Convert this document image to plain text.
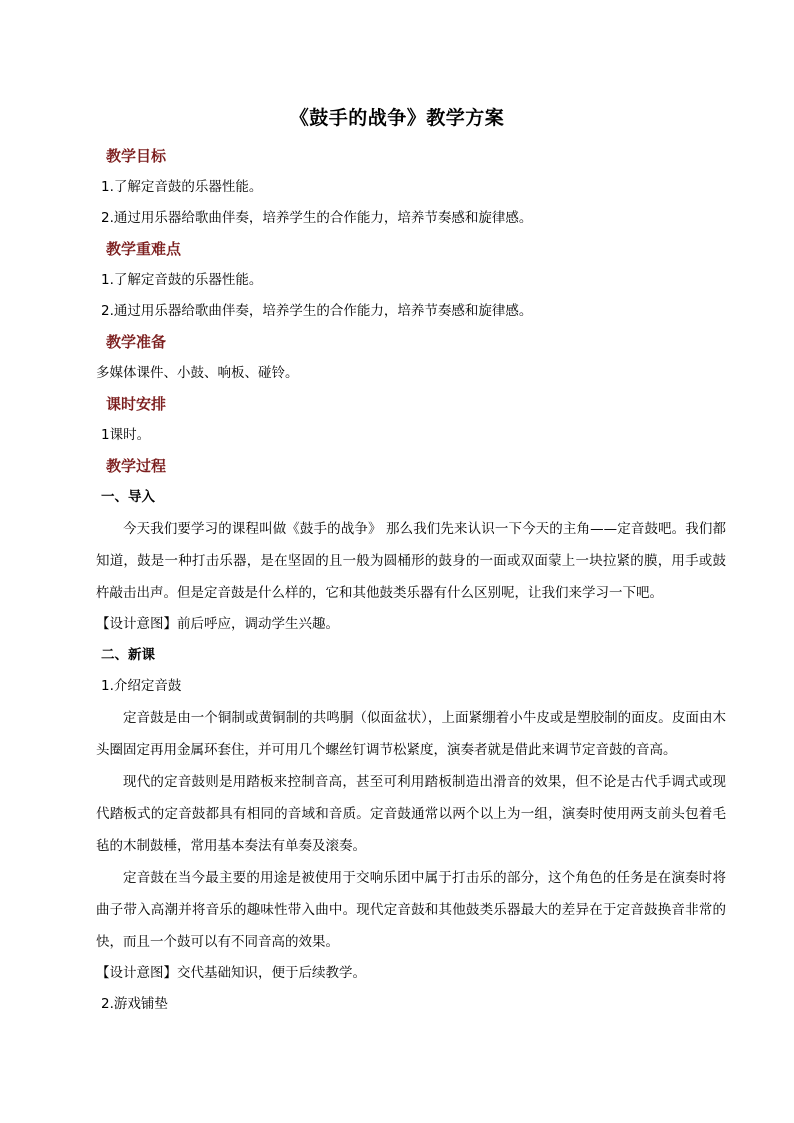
《鼓手的战争》教学方案
教学目标
1.了解定音鼓的乐器性能。
2.通过用乐器给歌曲伴奏，培养学生的合作能力，培养节奏感和旋律感。
教学重难点
1.了解定音鼓的乐器性能。
2.通过用乐器给歌曲伴奏，培养学生的合作能力，培养节奏感和旋律感。
教学准备
多媒体课件、小鼓、响板、碰铃。
课时安排
1课时。
教学过程
一、导入
今天我们要学习的课程叫做《鼓手的战争》 那么我们先来认识一下今天的主角——定音鼓吧。我们都知道，鼓是一种打击乐器，是在坚固的且一般为圆桶形的鼓身的一面或双面蒙上一块拉紧的膜，用手或鼓杵敲击出声。但是定音鼓是什么样的，它和其他鼓类乐器有什么区别呢，让我们来学习一下吧。
【设计意图】前后呼应，调动学生兴趣。
二、新课
1.介绍定音鼓
定音鼓是由一个铜制或黄铜制的共鸣胴（似面盆状），上面紧绷着小牛皮或是塑胶制的面皮。皮面由木头圈固定再用金属环套住，并可用几个螺丝钉调节松紧度，演奏者就是借此来调节定音鼓的音高。
现代的定音鼓则是用踏板来控制音高，甚至可利用踏板制造出滑音的效果，但不论是古代手调式或现代踏板式的定音鼓都具有相同的音域和音质。定音鼓通常以两个以上为一组，演奏时使用两支前头包着毛毡的木制鼓棰，常用基本奏法有单奏及滚奏。
定音鼓在当今最主要的用途是被使用于交响乐团中属于打击乐的部分，这个角色的任务是在演奏时将曲子带入高潮并将音乐的趣味性带入曲中。现代定音鼓和其他鼓类乐器最大的差异在于定音鼓换音非常的快，而且一个鼓可以有不同音高的效果。
【设计意图】交代基础知识，便于后续教学。
2.游戏铺垫
